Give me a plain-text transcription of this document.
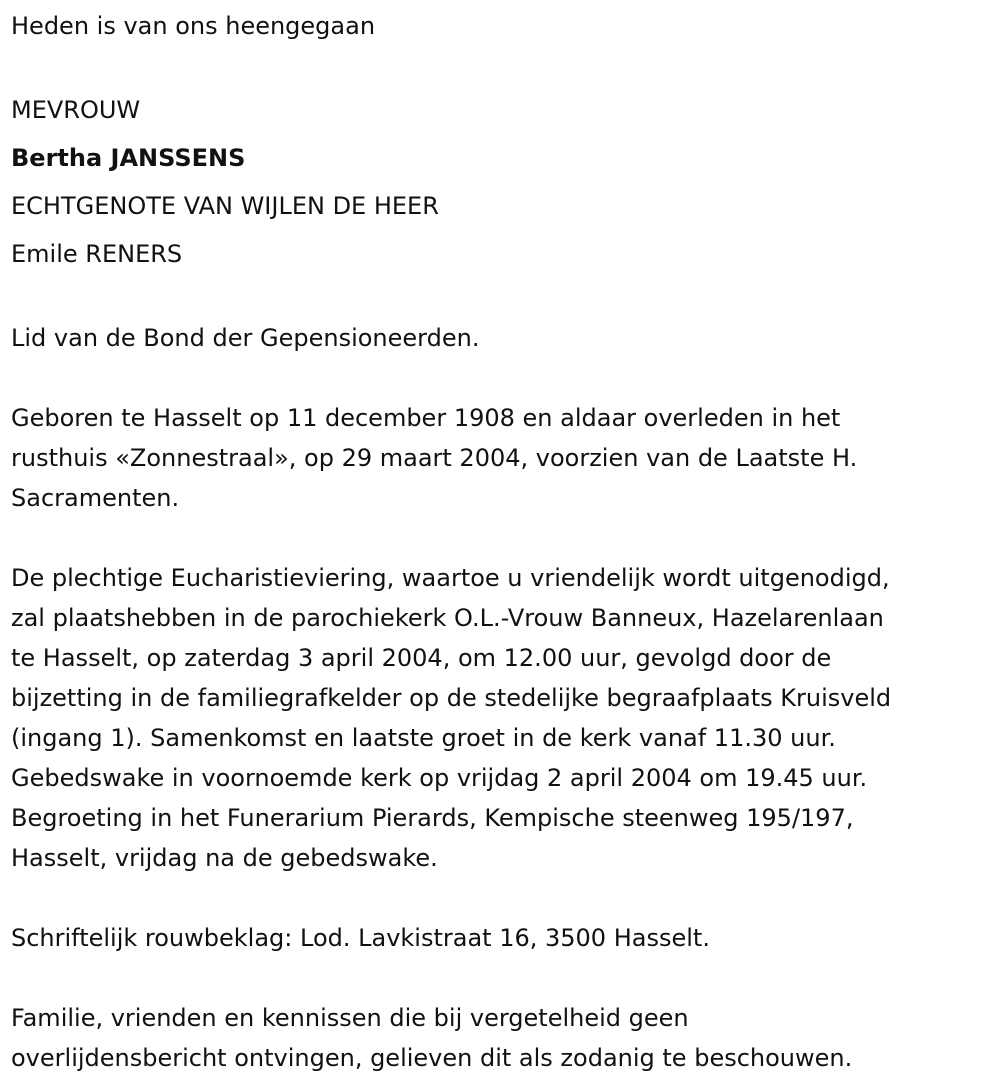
Heden is van ons heengegaan
MEVROUW
Bertha JANSSENS
ECHTGENOTE VAN WIJLEN DE HEER
Emile RENERS
Lid van de Bond der Gepensioneerden.
Geboren te Hasselt op 11 december 1908 en aldaar overleden in het
rusthuis «Zonnestraal», op 29 maart 2004, voorzien van de Laatste H.
Sacramenten.
De plechtige Eucharistieviering, waartoe u vriendelijk wordt uitgenodigd,
zal plaatshebben in de parochiekerk O.L.-Vrouw Banneux, Hazelarenlaan
te Hasselt, op zaterdag 3 april 2004, om 12.00 uur, gevolgd door de
bijzetting in de familiegrafkelder op de stedelijke begraafplaats Kruisveld
(ingang 1). Samenkomst en laatste groet in de kerk vanaf 11.30 uur.
Gebedswake in voornoemde kerk op vrijdag 2 april 2004 om 19.45 uur.
Begroeting in het Funerarium Pierards, Kempische steenweg 195/197,
Hasselt, vrijdag na de gebedswake.
Schriftelijk rouwbeklag: Lod. Lavkistraat 16, 3500 Hasselt.
Familie, vrienden en kennissen die bij vergetelheid geen
overlijdensbericht ontvingen, gelieven dit als zodanig te beschouwen.
